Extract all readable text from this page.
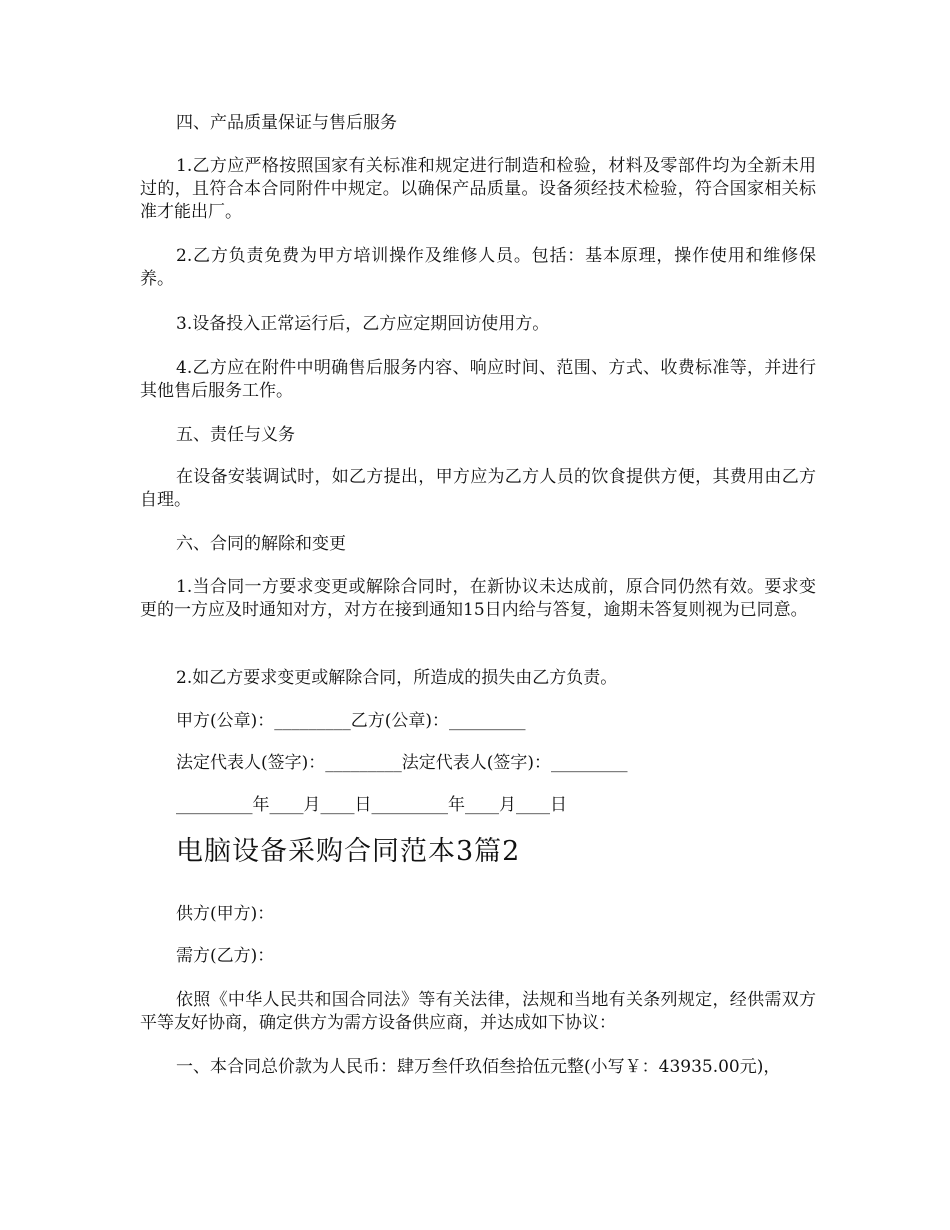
四、产品质量保证与售后服务

1.乙方应严格按照国家有关标准和规定进行制造和检验，材料及零部件均为全新未用过的，且符合本合同附件中规定。以确保产品质量。设备须经技术检验，符合国家相关标准才能出厂。

2.乙方负责免费为甲方培训操作及维修人员。包括：基本原理，操作使用和维修保养。

3.设备投入正常运行后，乙方应定期回访使用方。

4.乙方应在附件中明确售后服务内容、响应时间、范围、方式、收费标准等，并进行其他售后服务工作。

五、责任与义务

在设备安装调试时，如乙方提出，甲方应为乙方人员的饮食提供方便，其费用由乙方自理。

六、合同的解除和变更

1.当合同一方要求变更或解除合同时，在新协议未达成前，原合同仍然有效。要求变更的一方应及时通知对方，对方在接到通知15日内给与答复，逾期未答复则视为已同意。

2.如乙方要求变更或解除合同，所造成的损失由乙方负责。

甲方(公章)：_________乙方(公章)：_________

法定代表人(签字)：_________法定代表人(签字)：_________

_________年____月____日_________年____月____日

电脑设备采购合同范本3篇2

供方(甲方)：

需方(乙方)：

依照《中华人民共和国合同法》等有关法律，法规和当地有关条列规定，经供需双方平等友好协商，确定供方为需方设备供应商，并达成如下协议：

一、本合同总价款为人民币：肆万叁仟玖佰叁拾伍元整(小写￥：43935.00元)，
